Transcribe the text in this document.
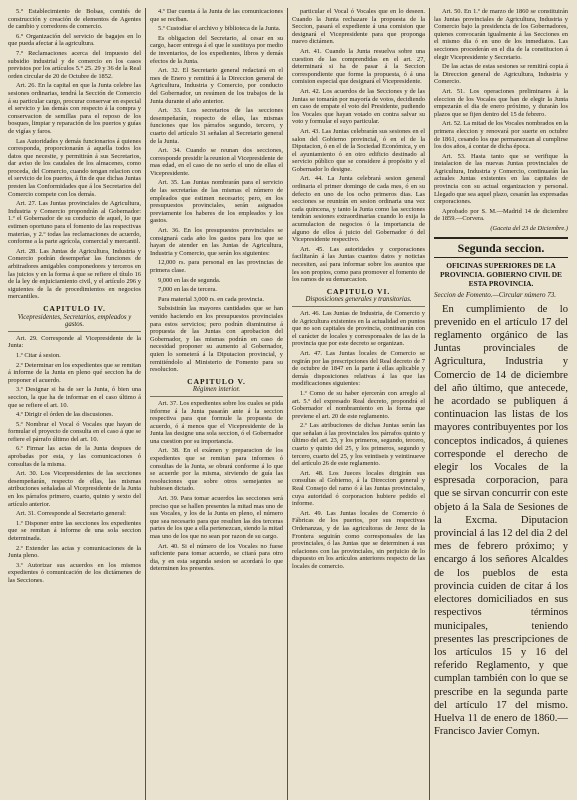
5.° Establecimiento de Bolsas, comités de construcción y creación de elementos de Agentes de cambio y corredores de comercio.

6.° Organización del servicio de bagajes en lo que pueda afectar á la agricultura.

7.° Reclamaciones acerca del impuesto del subsidio industrial y de comercio en los casos previstos por los artículos 5.° 25. 29 y 36 de la Real orden circular de 20 de Octubre de 1852.

Art. 26. En la capital en que la Junta celebre las sesiones ordinarias, tendrá la Sección de Comercio á su particular cargo, procurar conservar en especial el servicio y las demás con respecto á la compra y conservacion de semillas para el reposo de los bosques, limpiar y reparación de los puertos y guías de vigías y faros.

Las Autoridades y demás funcionarios á quienes corresponda, proporcionarán á aquella todos los datos que necesite, y permitirán á sus Secretarios, dar aviso de los caudales de los almacenes, como proceda, del Comercio, cuando tengan relacion con el servicio de los puertos, á fin de que dichas Juntas presten las Conformidades que á los Secretarios del Comercio compete con los demás.

Art. 27. Las Juntas provinciales de Agricultura, Industria y Comercio propondrán al Gobernador: 1.º el Gobernador de su conducto de aquel, lo que estimen oportuno para el fomento de las respectivas materias, y 2.º todas las reclamaciones de acuerdo, conforme a la parte agrícola, comercial y mercantil.

Art. 28. Las Juntas de Agricultura, Industria y Comercio podrán desempeñar las funciones de arbitradores amigables componedores y terceros en las juicios y en la forma á que se refiere el título 16 de la ley de enjuiciamiento civil, y el artículo 296 y siguientes de la de procedimientos en negocios mercantiles.

CAPITULO IV.
Vicepresidentes, Secretarios, empleados y gastos.

Art. 29. Corresponde al Vicepresidente de la Junta:

1.º Citar á sesion.

2.º Determinar en los expedientes que se remitan á informe de la Junta en pleno qué seccion ha de proponer el acuerdo.

3.º Designar si ha de ser la Junta, ó bien una seccion, la que ha de informar en el caso último á que se refiere el art. 10.

4.º Dirigir el órden de las discusiones.

5.º Nombrar el Vocal ó Vocales que hayan de formular el proyecto de consulta en el caso á que se refiere el párrafo último del art. 10.

6.º Firmar las actas de la Junta despues de aprobadas por esta, y las comunicaciones ó consultas de la misma.

Art. 30. Los Vicepresidentes de las secciones desempeñarán, respecto de ellas, las mismas atribuciones señaladas al Vicepresidente de la Junta en los párrafos primero, cuarto, quinto y sexto del artículo anterior.

Art. 31. Corresponde al Secretario general:

1.º Disponer entre las secciones los expedientes que se remitan á informe de una sola seccion determinada.

2.º Extender las actas y comunicaciones de la Junta pleno.

3.º Autorizar sus acuerdos en los mismos expedientes ó comunicación de los dictámenes de las Secciones.

4.º Dar cuenta á la Junta de las comunicaciones que se reciban.

5.º Custodiar el archivo y biblioteca de la Junta.

Es obligacion del Secretario, al cesar en su cargo, hacer entrega á el que le sustituya por medio de inventarios, de los expedientes, libros y demás efectos de la Junta.

Art. 32. El Secretario general redactará en el mes de Enero y remitirá á la Direccion general de Agricultura, Industria y Comercio, por conducto del Gobernador, un resúmen de los trabajos de la Junta durante el año anterior.

Art. 33. Los secretarios de las secciones desempeñarán, respecto de ellas, las mismas funciones que los párrafos segundo, tercero, y cuarto del artículo 31 señalan al Secretario general de la Junta.

Art. 34. Cuando se reunan dos secciones, corresponde presidir la reunion al Vicepresidente de mas edad, en el caso de no serlo el uno de ellas el Vicepresidente.

Art. 35. Las Juntas nombrarán para el servicio de las secretarías de las mismas el número de empleados que estimen necesario; pero, en los presupuestos provinciales, serán asignados previamente los haberes de los empleados y los gastos.

Art. 36. En los presupuestos provinciales se consignará cada año los gastos para los que se hayan de atender en las Juntas de Agricultura, Industria y Comercio, que serán los siguientes:

12,000 rs. para personal en las provincias de primera clase.

9,000 en las de segunda.

7,000 en las de tercera.

Para material 3,000 rs. en cada provincia.

Subsistirán las mayores cantidades que se han venido haciendo en los presupuestos provinciales para estos servicios; pero podrán disminuirse á propuesta de las Juntas con aprobacion del Gobernador, y las mismas podrán en caso de necesidad proponer su aumento al Gobernador, quien lo someterá á la Diputacion provincial, y remitiéndolo al Ministerio de Fomento para su resolucion.

CAPITULO V.
Régimen interior.

Art. 37. Los expedientes sobre los cuales se pida informe á la Junta pasarán ante á la seccion respectiva para que formule la propuesta de acuerdo, ó á menos que el Vicepresidente de la Junta las designe una sola seccion, ó el Gobernador una cuestion por su importancia.

Art. 38. En el exámen y preparacion de los expedientes que se remitan para informes ó consultas de la Junta, se obrará conforme á lo que se acuerde por la misma, sirviendo de guía las resoluciones que sobre otros semejantes se hubiesen dictado.

Art. 39. Para tomar acuerdos las secciones será preciso que se hallen presentes la mitad mas uno de sus Vocales, y los de la Junta en pleno, el número que sea necesario para que resulten las dos terceras partes de los que a ella pertenezcan, siendo la mitad mas uno de los que no sean por razon de su cargo.

Art. 40. Si el número de los Vocales no fuese suficiente para tomar acuerdo, se citará para otro dia, y en esta segunda sesion se acordará lo que determinen los presentes.

particular el Vocal ó Vocales que en lo deseen. Cuando la Junta rechazare la propuesta de la Seccion, pasará el expediente á una comision que designará el Vicepresidente para que proponga nuevo dictámen.

Art. 41. Cuando la Junta resuelva sobre una cuestion de las comprendidas en el art. 27, determinará si ha de pasar á la Seccion correspondiente que forme la propuesta, ó á una comision especial que designará el Vicepresidente.

Art. 42. Los acuerdos de las Secciones y de las Juntas se tomarán por mayoría de votos, decidiendo en caso de empate el voto del Presidente, pudiendo los Vocales que hayan votado en contra salvar su voto y formular el suyo particular.

Art. 43. Las Juntas celebrarán sus sesiones en el salon del Gobierno provincial, ó en el de la Diputacion, ó en el de la Sociedad Económica, y en el ayuntamiento ó en otro edificio destinado al servicio público que se considere á propósito y el Gobernador lo designe.

Art. 44. La Junta celebrará sesion general ordinaria el primer domingo de cada mes, ó en su defecto en uno de los ocho primeros dias. Las secciones se reunirán en sesion ordinaria una vez cada quincena, y tanto la Junta como las secciones tendrán sesiones extraordinarias cuando lo exija la acumulacion de negocios ó la importancia de alguno de ellos á juicio del Gobernador ó del Vicepresidente respectivo.

Art. 45. Las autoridades y corporaciones facilitarán á las Juntas cuantos datos y noticias necesiten, así para informar sobre los asuntos que les son propios, como para promover el fomento de los ramos de su demarcacion.

CAPITULO VI.
Disposiciones generales y transitorias.

Art. 46. Las Juntas de Industria, de Comercio y de Agricultura existentes en la actualidad en puntos que no son capitales de provincia, continuarán con el carácter de locales y corresponsales de las de la provincia que por este decreto se organizan.

Art. 47. Las Juntas locales de Comercio se regirán por las prescripciones del Real decreto de 7 de octubre de 1847 en la parte á ellas aplicable y demás disposiciones relativas á las que las modificaciones siguientes:

1.º Como de su haber ejercerán con arreglo al art. 5.º del expresado Real decreto, propondrá el Gobernador el nombramiento en la forma que previene el art. 20 de este reglamento.

2.º Las atribuciones de dichas Juntas serán las que señalan á las provinciales los párrafos quinto y último del art. 23, y los primeros, segundo, tercero, cuarto y quinto del 25, y los primeros, segundo y tercero, cuarto del 25, y los veintiseis y veintinueve del artículo 26 de este reglamento.

Art. 48. Los Jueces locales dirigirán sus consultas al Gobierno, á la Direccion general y Real Consejo del ramo ó á las Juntas provinciales, cuya autoridad ó corporacion hubiere pedido el informe.

Art. 49. Las Juntas locales de Comercio ó Fábricas de los puertos, por sus respectivas Ordenanzas, y de las agricultoras de Jerez de la Frontera seguirán como corresponsales de las provinciales, ó las Juntas que se determinen á sus relaciones con las provinciales, sin perjuicio de lo dispuesto en los artículos anteriores respecto de las locales de comercio.

Art. 50. En 1.º de marzo de 1860 se constituirán las Juntas provinciales de Agricultura, Industria y Comercio bajo la presidencia de los Gobernadores, quienes convocarán igualmente á las Secciones en el mismo dia ó en uno de los inmediatos. Las secciones procederán en el dia de la constitucion á elegir Vicepresidente y Secretario.

De las actas de estas sesiones se remitirá copia á la Direccion general de Agricultura, Industria y Comercio.

Art. 51. Los operaciones preliminares á la eleccion de los Vocales que han de elegir la Junta empezarán el dia de enero próximo, y durarán los plazos que se fijen dentro del 15 de febrero.

Art. 52. La mitad de los Vocales nombrados en la primera eleccion y renovará por suerte en octubre de 1861, cesando los que permanezcan al cumplirse los dos años, á contar de dicha época.

Art. 53. Hasta tanto que se verifique la instalacion de las nuevas Juntas provinciales de Agricultura, Industria y Comercio, continuarán las actuales Juntas existentes en las capitales de provincia con su actual organizacion y personal. Llegado que sea aquel plazo, cesarán las expresadas corporaciones.

Aprobado por S. M.—Madrid 14 de diciembre de 1859.—Corvera.

(Gaceta del 23 de Diciembre.)
Segunda seccion.
OFICINAS SUPERIORES DE LA PROVINCIA. GOBIERNO CIVIL DE ESTA PROVINCIA.
Seccion de Fomento.—Circular número 73.

En cumplimiento de lo prevenido en el artículo 17 del reglamento orgánico de las Juntas provinciales de Agricultura, Industria y Comercio de 14 de diciembre del año último, que antecede, he acordado se publiquen á continuacion las listas de los mayores contribuyentes por los conceptos indicados, á quienes corresponde el derecho de elegir los Vocales de la espresada corporacion, para que se sirvan concurrir con este objeto á la Sala de Sesiones de la Excma. Diputacion provincial á las 12 del dia 2 del mes de febrero próximo; y encargo á los señores Alcaldes de los pueblos de esta provincia cuiden de citar á los electores domiciliados en sus respectivos términos municipales, teniendo presentes las prescripciones de los artículos 15 y 16 del referido Reglamento, y que cumplan también con lo que se prescribe en la segunda parte del artículo 17 del mismo. Huelva 11 de enero de 1860.—Francisco Javier Comyn.
